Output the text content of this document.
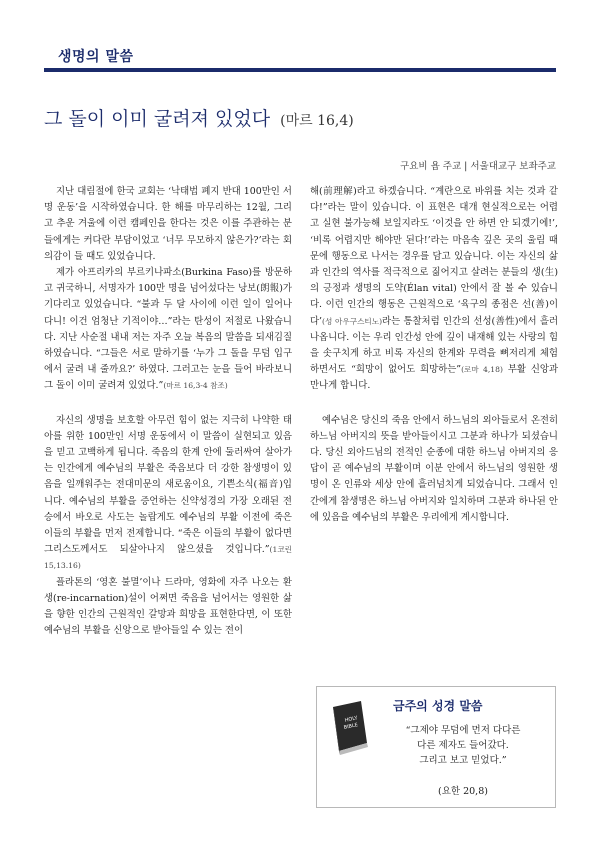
생명의 말씀
그 돌이 이미 굴려져 있었다 (마르 16,4)
구요비 욥 주교 | 서울대교구 보좌주교

지난 대림절에 한국 교회는 ‘낙태법 폐지 반대 100만인 서명 운동’을 시작하였습니다. 한 해를 마무리하는 12월, 그리고 추운 겨울에 이런 캠페인을 한다는 것은 이를 주관하는 분들에게는 커다란 부담이었고 ‘너무 무모하지 않은가?’라는 회의감이 들 때도 있었습니다.

제가 아프리카의 부르키나파소(Burkina Faso)를 방문하고 귀국하니, 서명자가 100만 명을 넘어섰다는 낭보(朗報)가 기다리고 있었습니다. “불과 두 달 사이에 이런 일이 일어나다니! 이건 엄청난 기적이야…”라는 탄성이 저절로 나왔습니다. 지난 사순절 내내 저는 자주 오늘 복음의 말씀을 되새김질하였습니다. “그들은 서로 말하기를 ‘누가 그 돌을 무덤 입구에서 굴려 내 줄까요?’ 하였다. 그러고는 눈을 들어 바라보니 그 돌이 이미 굴려져 있었다.”(마르 16,3-4 참조)

자신의 생명을 보호할 아무런 힘이 없는 지극히 나약한 태아를 위한 100만인 서명 운동에서 이 말씀이 실현되고 있음을 믿고 고백하게 됩니다. 죽음의 한계 안에 둘러싸여 살아가는 인간에게 예수님의 부활은 죽음보다 더 강한 참생명이 있음을 일깨워주는 전대미문의 새로움이요, 기쁜소식(福音)입니다. 예수님의 부활을 증언하는 신약성경의 가장 오래된 전승에서 바오로 사도는 놀랍게도 예수님의 부활 이전에 죽은 이들의 부활을 먼저 전제합니다. “죽은 이들의 부활이 없다면 그리스도께서도 되살아나지 않으셨을 것입니다.”(1코린 15,13.16)

플라톤의 ‘영혼 불멸’이나 드라마, 영화에 자주 나오는 환생(re-incarnation)설이 어쩌면 죽음을 넘어서는 영원한 삶을 향한 인간의 근원적인 갈망과 희망을 표현한다면, 이 또한 예수님의 부활을 신앙으로 받아들일 수 있는 전이

해(前理解)라고 하겠습니다. “계란으로 바위를 치는 것과 같다!”라는 말이 있습니다. 이 표현은 대개 현실적으로는 어렵고 실현 불가능해 보일지라도 ‘이것을 안 하면 안 되겠기에!’, ‘비록 어렵지만 해야만 된다!’라는 마음속 깊은 곳의 울림 때문에 행동으로 나서는 경우를 담고 있습니다. 이는 자신의 삶과 인간의 역사를 적극적으로 짊어지고 살려는 분들의 생(生)의 긍정과 생명의 도약(Élan vital) 안에서 잘 볼 수 있습니다. 이런 인간의 행동은 근원적으로 ‘육구의 종점은 선(善)이다’(성 아우구스티노)라는 통찰처럼 인간의 선성(善性)에서 흘러나옵니다. 이는 우리 인간성 안에 깊이 내재해 있는 사랑의 힘을 솟구치게 하고 비록 자신의 한계와 무력을 뼈저리게 체험하면서도 “희망이 없어도 희망하는”(로마 4,18) 부활 신앙과 만나게 합니다.

예수님은 당신의 죽음 안에서 하느님의 외아들로서 온전히 하느님 아버지의 뜻을 받아들이시고 그분과 하나가 되셨습니다. 당신 외아드님의 전적인 순종에 대한 하느님 아버지의 응답이 곧 예수님의 부활이며 이분 안에서 하느님의 영원한 생명이 온 인류와 세상 안에 흘러넘치게 되었습니다. 그래서 인간에게 참생명은 하느님 아버지와 일치하며 그분과 하나된 안에 있음을 예수님의 부활은 우리에게 계시합니다.

HOLY
BIBLE
금주의 성경 말씀
“그제야 무덤에 먼저 다다른
다른 제자도 들어갔다.
그리고 보고 믿었다.”
(요한 20,8)
